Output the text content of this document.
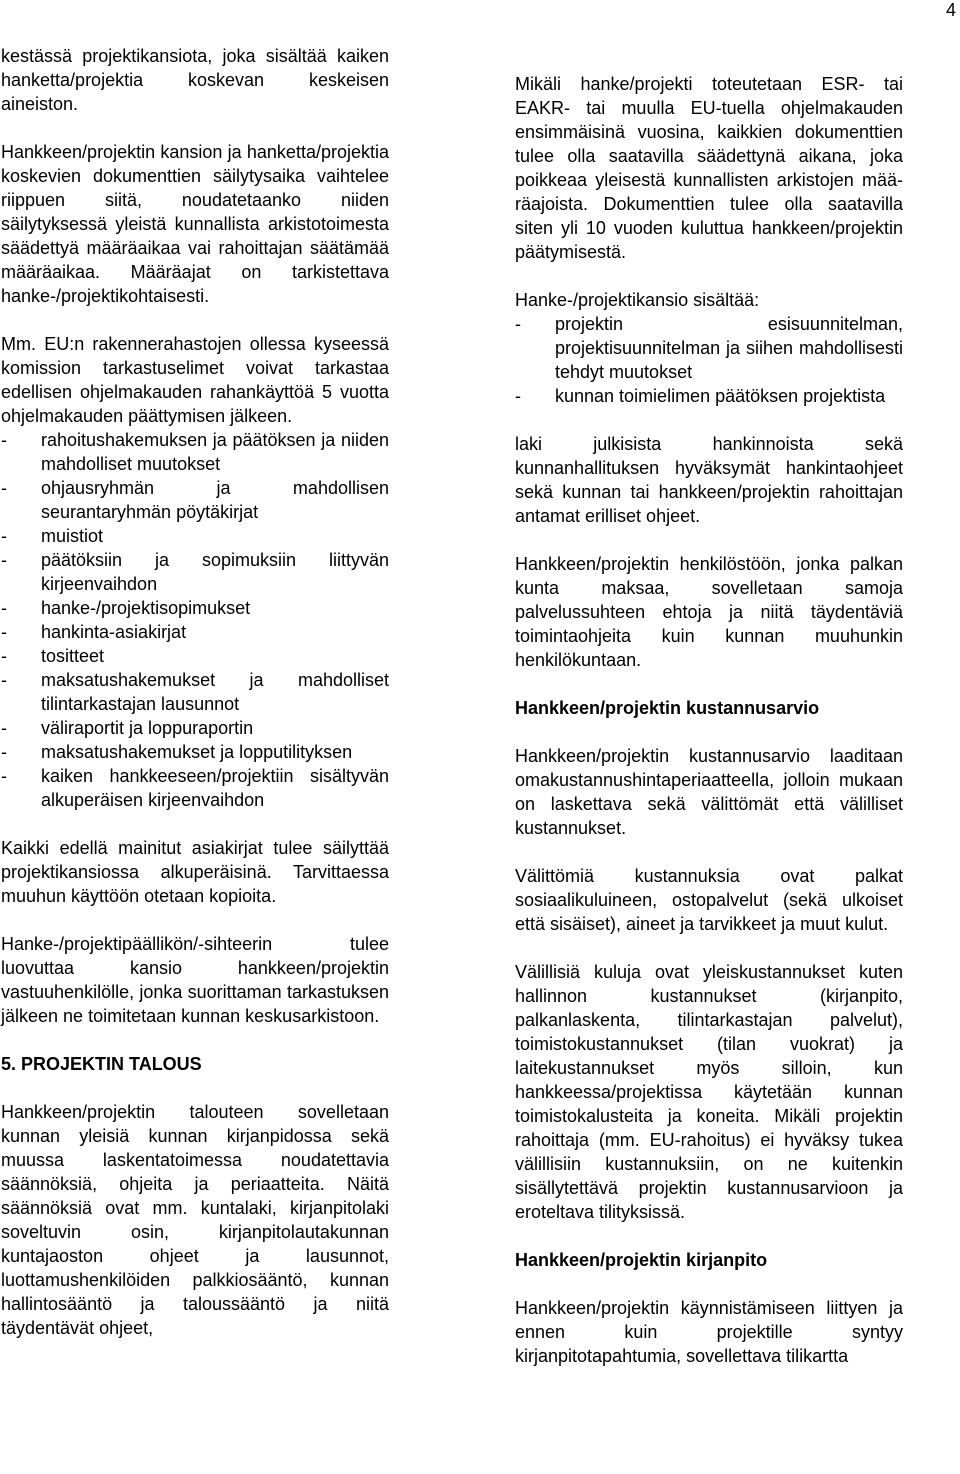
4

kestässä projektikansiota, joka sisältää kaiken hanketta/projektia koskevan keskeisen aineiston.

Hankkeen/projektin kansion ja hanketta/projektia koskevien dokumenttien säilytysaika vaihtelee riippuen siitä, noudatetaanko niiden säilytyksessä yleistä kunnallista arkistotoimesta säädettyä määräaikaa vai rahoittajan säätämää määräaikaa. Määräajat on tarkistettava hanke-/projektikohtaisesti.

Mm. EU:n rakennerahastojen ollessa kyseessä komission tarkastuselimet voivat tarkastaa edellisen ohjelmakauden rahankäyttöä 5 vuotta ohjelmakauden päättymisen jälkeen.

- rahoitushakemuksen ja päätöksen ja niiden mahdolliset muutokset
- ohjausryhmän ja mahdollisen seurantaryhmän pöytäkirjat
- muistiot
- päätöksiin ja sopimuksiin liittyvän kirjeenvaihdon
- hanke-/projektisopimukset
- hankinta-asiakirjat
- tositteet
- maksatushakemukset ja mahdolliset tilintarkastajan lausunnot
- väliraportit ja loppuraportin
- maksatushakemukset ja lopputilityksen
- kaiken hankkeeseen/projektiin sisältyvän alkuperäisen kirjeenvaihdon

Kaikki edellä mainitut asiakirjat tulee säilyttää projektikansiossa alkuperäisinä. Tarvittaessa muuhun käyttöön otetaan kopioita.

Hanke-/projektipäällikön/-sihteerin tulee luovuttaa kansio hankkeen/projektin vastuuhenkilölle, jonka suorittaman tarkastuksen jälkeen ne toimitetaan kunnan keskusarkistoon.

5. PROJEKTIN TALOUS

Hankkeen/projektin talouteen sovelletaan kunnan yleisiä kunnan kirjanpidossa sekä muussa laskentatoimessa noudatettavia säännöksiä, ohjeita ja periaatteita. Näitä säännöksiä ovat mm. kuntalaki, kirjanpitolaki soveltuvin osin, kirjanpitolautakunnan kuntajaoston ohjeet ja lausunnot, luottamushenkilöiden palkkiosääntö, kunnan hallintosääntö ja taloussääntö ja niitä täydentävät ohjeet,

Mikäli hanke/projekti toteutetaan ESR- tai EAKR- tai muulla EU-tuella ohjelmakauden ensimmäisinä vuosina, kaikkien dokumenttien tulee olla saatavilla säädettynä aikana, joka poikkeaa yleisestä kunnallisten arkistojen määräajoista. Dokumenttien tulee olla saatavilla siten yli 10 vuoden kuluttua hankkeen/projektin päätymisestä.

Hanke-/projektikansio sisältää:

- projektin esisuunnitelman, projektisuunnitelman ja siihen mahdollisesti tehdyt muutokset
- kunnan toimielimen päätöksen projektista

laki julkisista hankinnoista sekä kunnanhallituksen hyväksymät hankintaohjeet sekä kunnan tai hankkeen/projektin rahoittajan antamat erilliset ohjeet.

Hankkeen/projektin henkilöstöön, jonka palkan kunta maksaa, sovelletaan samoja palvelussuhteen ehtoja ja niitä täydentäviä toimintaohjeita kuin kunnan muuhunkin henkilökuntaan.

Hankkeen/projektin kustannusarvio

Hankkeen/projektin kustannusarvio laaditaan omakustannushintaperiaatteella, jolloin mukaan on laskettava sekä välittömät että välilliset kustannukset.

Välittömiä kustannuksia ovat palkat sosiaalikuluineen, ostopalvelut (sekä ulkoiset että sisäiset), aineet ja tarvikkeet ja muut kulut.

Välillisiä kuluja ovat yleiskustannukset kuten hallinnon kustannukset (kirjanpito, palkanlaskenta, tilintarkastajan palvelut), toimistokustannukset (tilan vuokrat) ja laitekustannukset myös silloin, kun hankkeessa/projektissa käytetään kunnan toimistokalusteita ja koneita. Mikäli projektin rahoittaja (mm. EU-rahoitus) ei hyväksy tukea välillisiin kustannuksiin, on ne kuitenkin sisällytettävä projektin kustannusarvioon ja eroteltava tilityksissä.

Hankkeen/projektin kirjanpito

Hankkeen/projektin käynnistämiseen liittyen ja ennen kuin projektille syntyy kirjanpitotapahtumia, sovellettava tilikartta
